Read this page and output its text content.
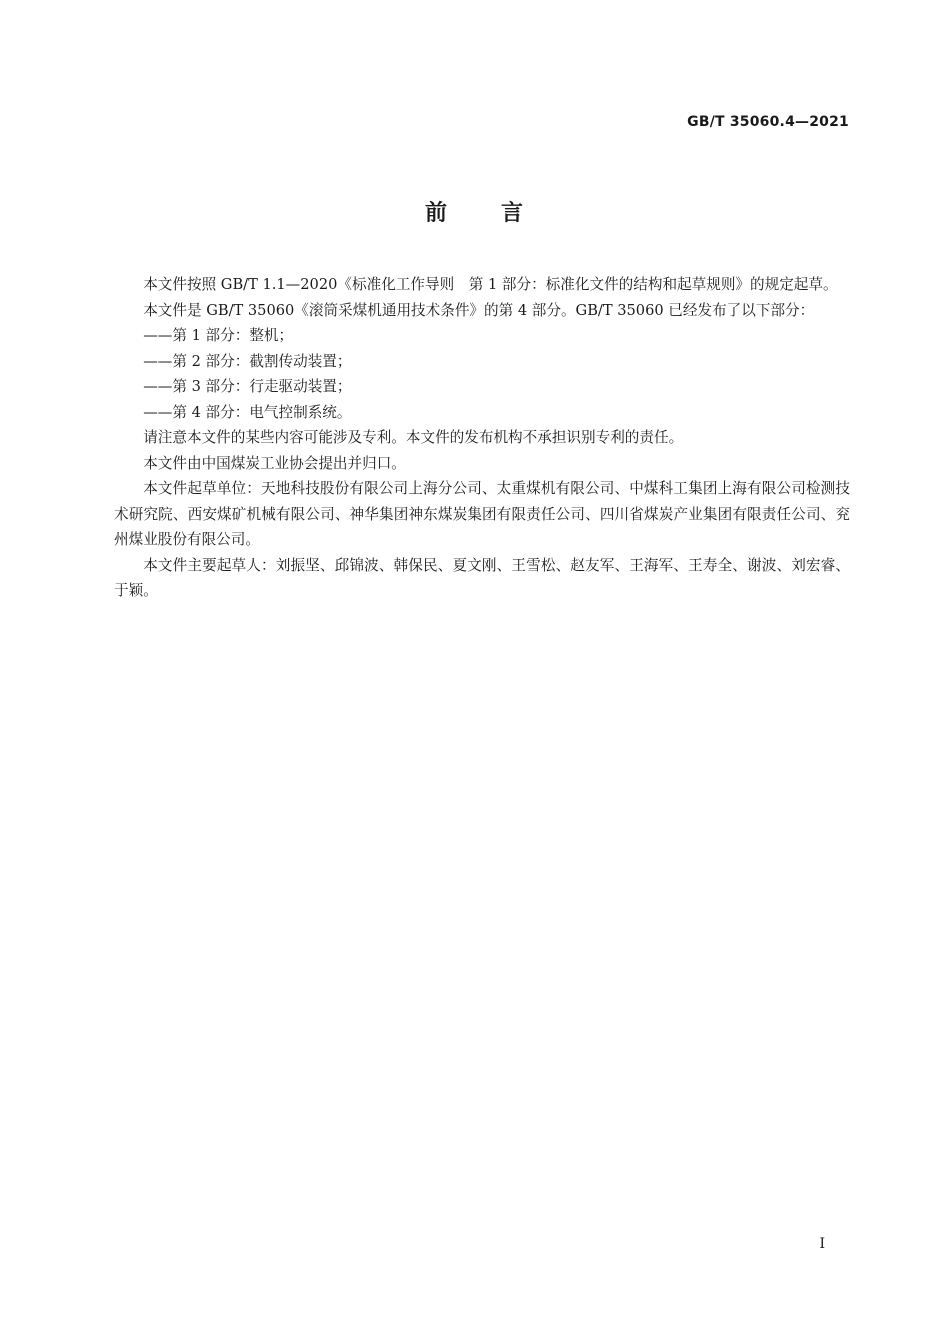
GB/T 35060.4—2021
前 言

本文件按照 GB/T 1.1—2020《标准化工作导则　第 1 部分：标准化文件的结构和起草规则》的规定起草。

本文件是 GB/T 35060《滚筒采煤机通用技术条件》的第 4 部分。GB/T 35060 已经发布了以下部分：

——第 1 部分：整机；

——第 2 部分：截割传动装置；

——第 3 部分：行走驱动装置；

——第 4 部分：电气控制系统。

请注意本文件的某些内容可能涉及专利。本文件的发布机构不承担识别专利的责任。

本文件由中国煤炭工业协会提出并归口。

本文件起草单位：天地科技股份有限公司上海分公司、太重煤机有限公司、中煤科工集团上海有限公司检测技术研究院、西安煤矿机械有限公司、神华集团神东煤炭集团有限责任公司、四川省煤炭产业集团有限责任公司、兖州煤业股份有限公司。

本文件主要起草人：刘振坚、邱锦波、韩保民、夏文刚、王雪松、赵友军、王海军、王寿全、谢波、刘宏睿、于颖。

I
